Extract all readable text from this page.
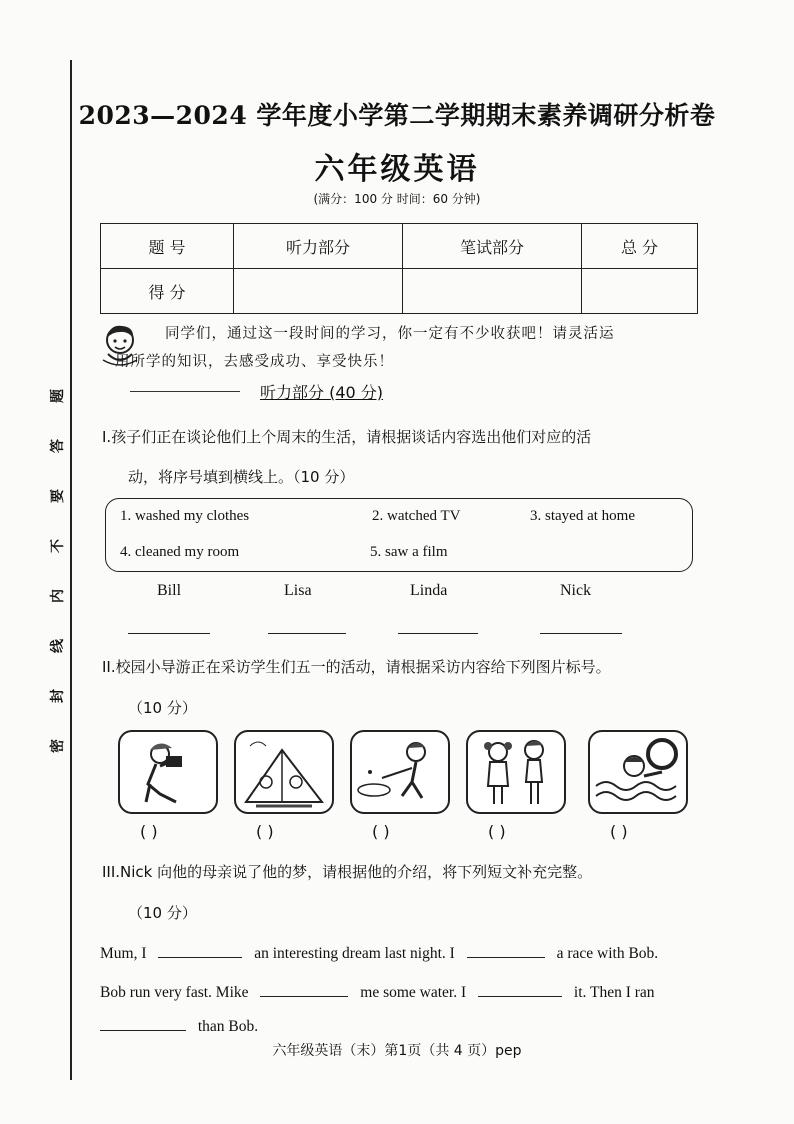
题
答
要
不
内
线
封
密
2023—2024 学年度小学第二学期期末素养调研分析卷
六年级英语
(满分：100 分 时间：60 分钟)
题 号	听力部分	笔试部分	总 分
得 分			
同学们，通过这一段时间的学习，你一定有不少收获吧！请灵活运
用所学的知识，去感受成功、享受快乐！
听力部分 (40 分)
I.孩子们正在谈论他们上个周末的生活，请根据谈话内容选出他们对应的活
动，将序号填到横线上。（10 分）
1. washed my clothes	2. watched TV	3. stayed at home
4. cleaned my room	5. saw a film
Bill	Lisa	Linda	Nick
II.校园小导游正在采访学生们五一的活动，请根据采访内容给下列图片标号。
（10 分）
( )	( )	( )	( )	( )
III.Nick 向他的母亲说了他的梦，请根据他的介绍，将下列短文补充完整。
（10 分）
Mum, I	an interesting dream last night. I	a race with Bob.
Bob run very fast. Mike	me some water. I	it. Then I ran
than Bob.
六年级英语（末）第1页（共 4 页）pep
